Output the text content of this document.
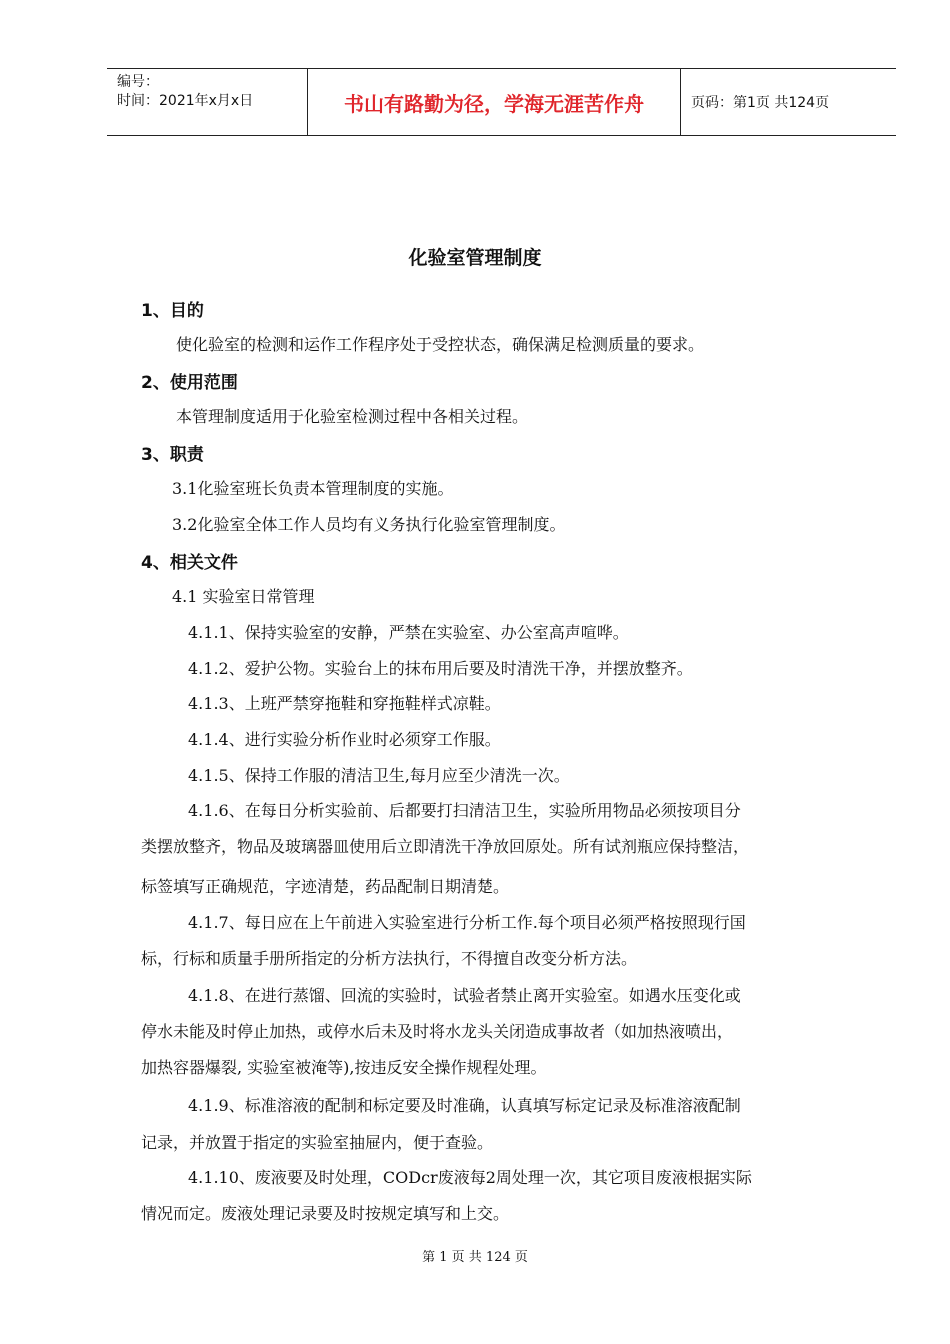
编号：
时间：2021年x月x日	书山有路勤为径，学海无涯苦作舟	页码：第1页 共124页
化验室管理制度
1、目的
使化验室的检测和运作工作程序处于受控状态，确保满足检测质量的要求。
2、使用范围
本管理制度适用于化验室检测过程中各相关过程。
3、职责
3.1化验室班长负责本管理制度的实施。
3.2化验室全体工作人员均有义务执行化验室管理制度。
4、相关文件
4.1 实验室日常管理
4.1.1、保持实验室的安静，严禁在实验室、办公室高声喧哗。
4.1.2、爱护公物。实验台上的抹布用后要及时清洗干净，并摆放整齐。
4.1.3、上班严禁穿拖鞋和穿拖鞋样式凉鞋。
4.1.4、进行实验分析作业时必须穿工作服。
4.1.5、保持工作服的清洁卫生,每月应至少清洗一次。
4.1.6、在每日分析实验前、后都要打扫清洁卫生，实验所用物品必须按项目分
类摆放整齐，物品及玻璃器皿使用后立即清洗干净放回原处。所有试剂瓶应保持整洁，
标签填写正确规范，字迹清楚，药品配制日期清楚。
4.1.7、每日应在上午前进入实验室进行分析工作.每个项目必须严格按照现行国
标，行标和质量手册所指定的分析方法执行，不得擅自改变分析方法。
4.1.8、在进行蒸馏、回流的实验时，试验者禁止离开实验室。如遇水压变化或
停水未能及时停止加热，或停水后未及时将水龙头关闭造成事故者（如加热液喷出，
加热容器爆裂, 实验室被淹等),按违反安全操作规程处理。
4.1.9、标准溶液的配制和标定要及时准确，认真填写标定记录及标准溶液配制
记录，并放置于指定的实验室抽屉内，便于查验。
4.1.10、废液要及时处理，CODcr废液每2周处理一次，其它项目废液根据实际
情况而定。废液处理记录要及时按规定填写和上交。
第 1 页 共 124 页
